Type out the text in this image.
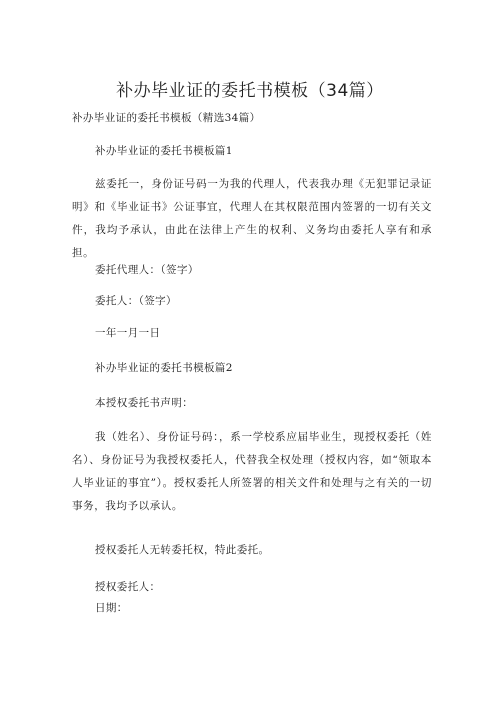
补办毕业证的委托书模板（34篇）
补办毕业证的委托书模板（精选34篇）
补办毕业证的委托书模板篇1
兹委托一，身份证号码一为我的代理人，代表我办理《无犯罪记录证明》和《毕业证书》公证事宜，代理人在其权限范围内签署的一切有关文件，我均予承认，由此在法律上产生的权利、义务均由委托人享有和承担。
委托代理人：（签字）
委托人：（签字）
一年一月一日
补办毕业证的委托书模板篇2
本授权委托书声明：
我（姓名）、身份证号码：，系一学校系应届毕业生，现授权委托（姓名）、身份证号为我授权委托人，代替我全权处理（授权内容，如“领取本人毕业证的事宜”）。授权委托人所签署的相关文件和处理与之有关的一切事务，我均予以承认。
授权委托人无转委托权，特此委托。
授权委托人：
日期：
